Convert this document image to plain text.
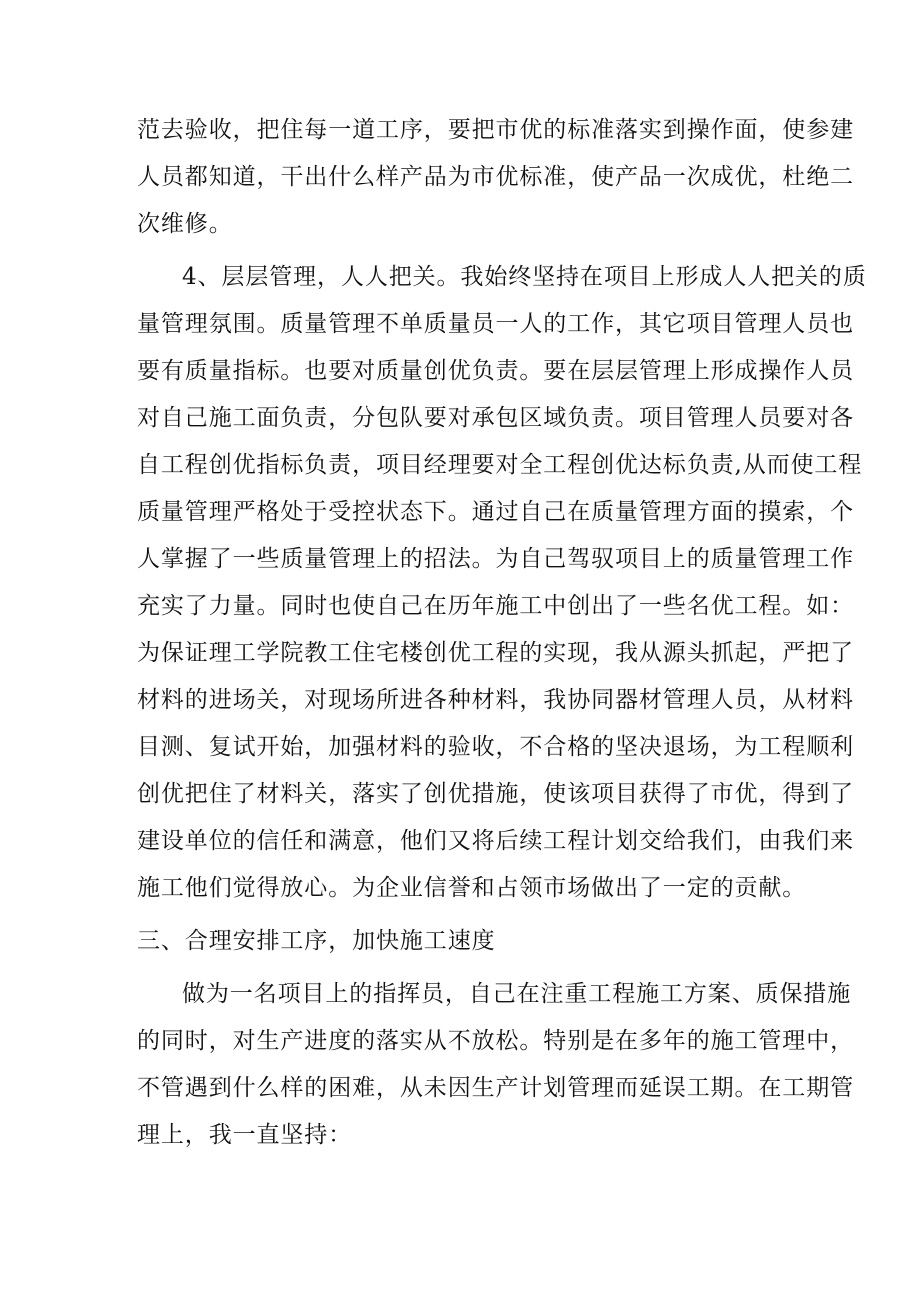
范去验收，把住每一道工序，要把市优的标准落实到操作面，使参建
人员都知道，干出什么样产品为市优标准，使产品一次成优，杜绝二
次维修。
4、层层管理，人人把关。我始终坚持在项目上形成人人把关的质
量管理氛围。质量管理不单质量员一人的工作，其它项目管理人员也
要有质量指标。也要对质量创优负责。要在层层管理上形成操作人员
对自己施工面负责，分包队要对承包区域负责。项目管理人员要对各
自工程创优指标负责，项目经理要对全工程创优达标负责,从而使工程
质量管理严格处于受控状态下。通过自己在质量管理方面的摸索，个
人掌握了一些质量管理上的招法。为自己驾驭项目上的质量管理工作
充实了力量。同时也使自己在历年施工中创出了一些名优工程。如：
为保证理工学院教工住宅楼创优工程的实现，我从源头抓起，严把了
材料的进场关，对现场所进各种材料，我协同器材管理人员，从材料
目测、复试开始，加强材料的验收，不合格的坚决退场，为工程顺利
创优把住了材料关，落实了创优措施，使该项目获得了市优，得到了
建设单位的信任和满意，他们又将后续工程计划交给我们，由我们来
施工他们觉得放心。为企业信誉和占领市场做出了一定的贡献。
三、合理安排工序，加快施工速度
做为一名项目上的指挥员，自己在注重工程施工方案、质保措施
的同时，对生产进度的落实从不放松。特别是在多年的施工管理中，
不管遇到什么样的困难，从未因生产计划管理而延误工期。在工期管
理上，我一直坚持：
